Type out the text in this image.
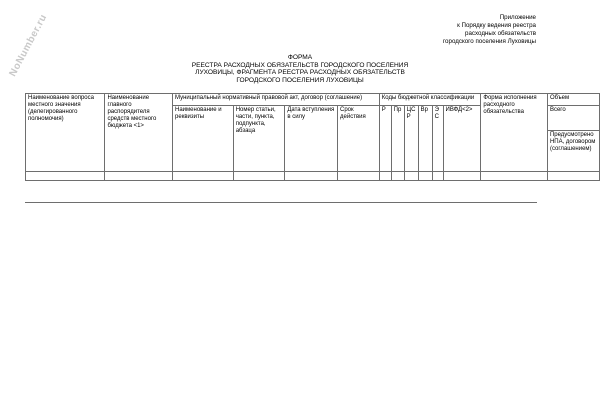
NoNumber.ru	Приложение
к Порядку ведения реестра
расходных обязательств
городского поселения Луховицы
ФОРМА
РЕЕСТРА РАСХОДНЫХ ОБЯЗАТЕЛЬСТВ ГОРОДСКОГО ПОСЕЛЕНИЯ
ЛУХОВИЦЫ, ФРАГМЕНТА РЕЕСТРА РАСХОДНЫХ ОБЯЗАТЕЛЬСТВ
ГОРОДСКОГО ПОСЕЛЕНИЯ ЛУХОВИЦЫ
Наименование вопроса местного значения (делегированного полномочия)	Наименование главного распорядителя средств местного бюджета <1>	Муниципальный нормативный правовой акт, договор (соглашение)				Коды бюджетной классификации						Форма исполнения расходного обязательства	Объем
		Наименование и реквизиты	Номер статьи, части, пункта, подпункта, абзаца	Дата вступления в силу	Срок действия	Р	Пр	ЦС Р	Вр	Э С	ИВФД<2>		Всего
													Предусмотрено НПА, договором (соглашением)
